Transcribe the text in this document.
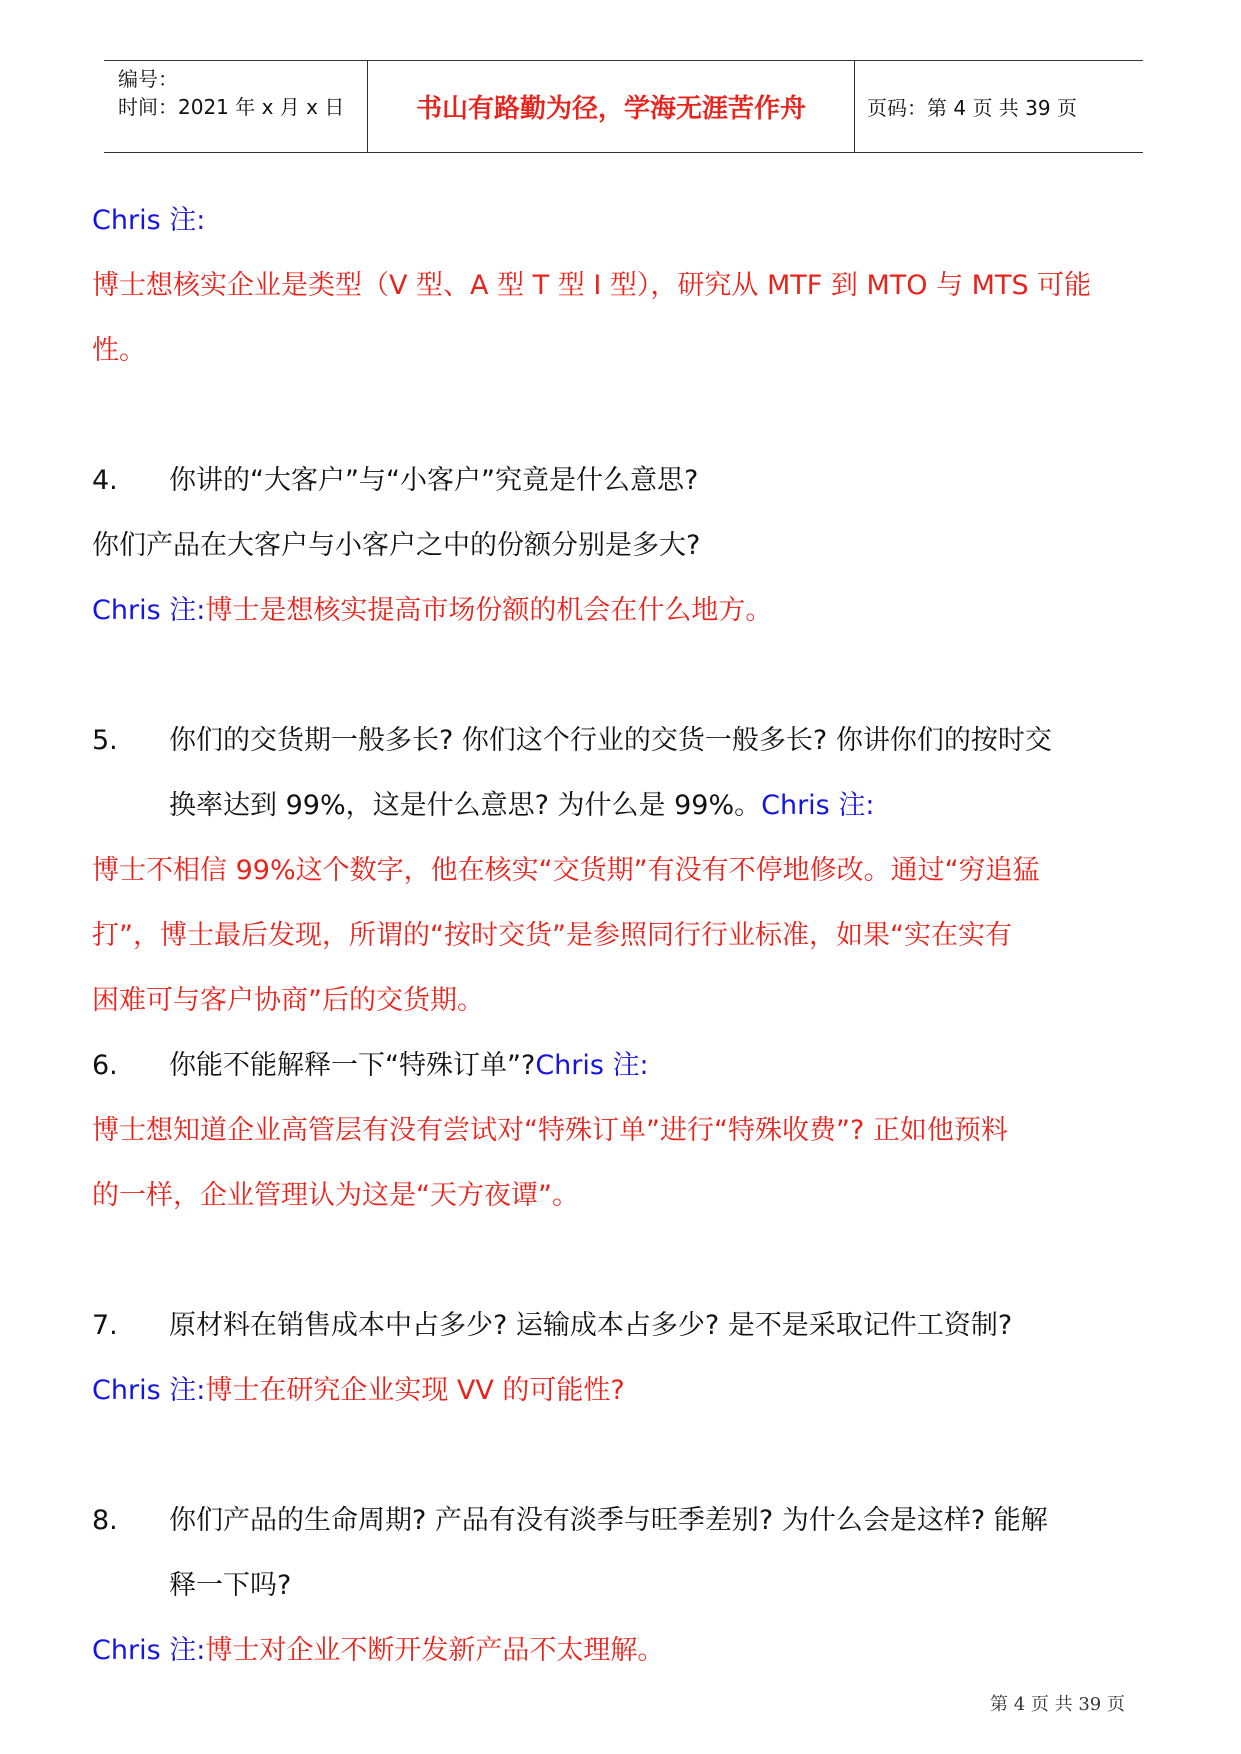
编号：
时间：2021 年 x 月 x 日	书山有路勤为径，学海无涯苦作舟	页码：第 4 页 共 39 页
Chris 注:
博士想核实企业是类型（V 型、A 型 T 型 I 型），研究从 MTF 到 MTO 与 MTS 可能
性。
4. 你讲的“大客户”与“小客户”究竟是什么意思?
你们产品在大客户与小客户之中的份额分别是多大?
Chris 注:博士是想核实提高市场份额的机会在什么地方。
5. 你们的交货期一般多长? 你们这个行业的交货一般多长? 你讲你们的按时交
换率达到 99%，这是什么意思? 为什么是 99%。Chris 注:
博士不相信 99%这个数字，他在核实“交货期”有没有不停地修改。通过“穷追猛
打”，博士最后发现，所谓的“按时交货”是参照同行行业标准，如果“实在实有
困难可与客户协商”后的交货期。
6. 你能不能解释一下“特殊订单”?Chris 注:
博士想知道企业高管层有没有尝试对“特殊订单”进行“特殊收费”? 正如他预料
的一样，企业管理认为这是“天方夜谭”。
7. 原材料在销售成本中占多少? 运输成本占多少? 是不是采取记件工资制?
Chris 注:博士在研究企业实现 VV 的可能性?
8. 你们产品的生命周期? 产品有没有淡季与旺季差别? 为什么会是这样? 能解
释一下吗?
Chris 注:博士对企业不断开发新产品不太理解。
第 4 页 共 39 页
